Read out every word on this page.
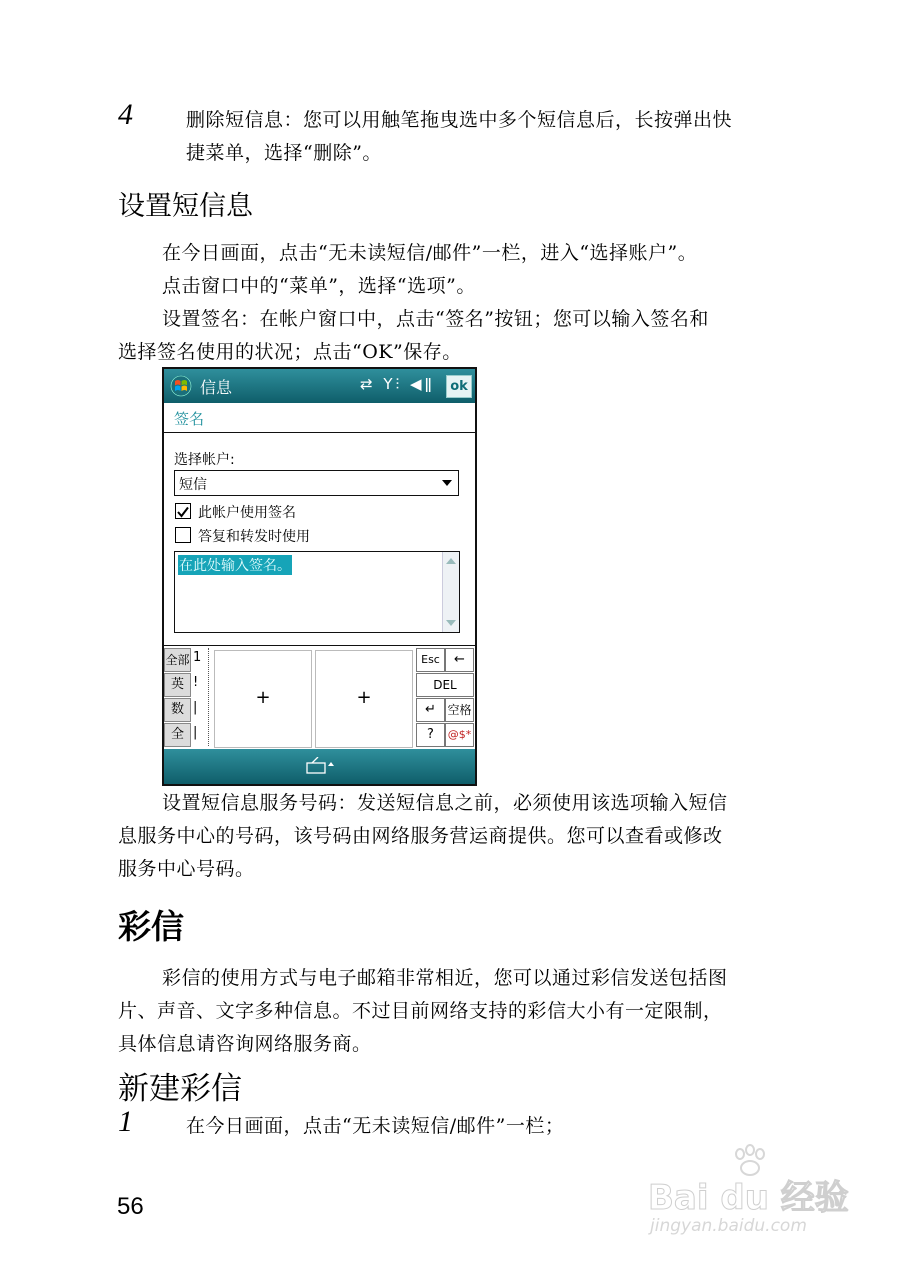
4	删除短信息：您可以用触笔拖曳选中多个短信息后，长按弹出快
捷菜单，选择“删除”。
设置短信息
在今日画面，点击“无未读短信/邮件”一栏，进入“选择账户”。
点击窗口中的“菜单”，选择“选项”。
设置签名：在帐户窗口中，点击“签名”按钮；您可以输入签名和
选择签名使用的状况；点击“OK”保存。
信息	⇄ Y⫶ ◀ǁ	ok
签名
选择帐户:
短信
此帐户使用签名
答复和转发时使用
在此处输入签名。
全部
英
数
全
1
!
|
|
+	+
Esc	←
DEL
↵ 空格
?	@$*
设置短信息服务号码：发送短信息之前，必须使用该选项输入短信
息服务中心的号码，该号码由网络服务营运商提供。您可以查看或修改
服务中心号码。
彩信
彩信的使用方式与电子邮箱非常相近，您可以通过彩信发送包括图
片、声音、文字多种信息。不过目前网络支持的彩信大小有一定限制，
具体信息请咨询网络服务商。
新建彩信
1	在今日画面，点击“无未读短信/邮件”一栏；
56	Bai du 经验
jingyan.baidu.com
